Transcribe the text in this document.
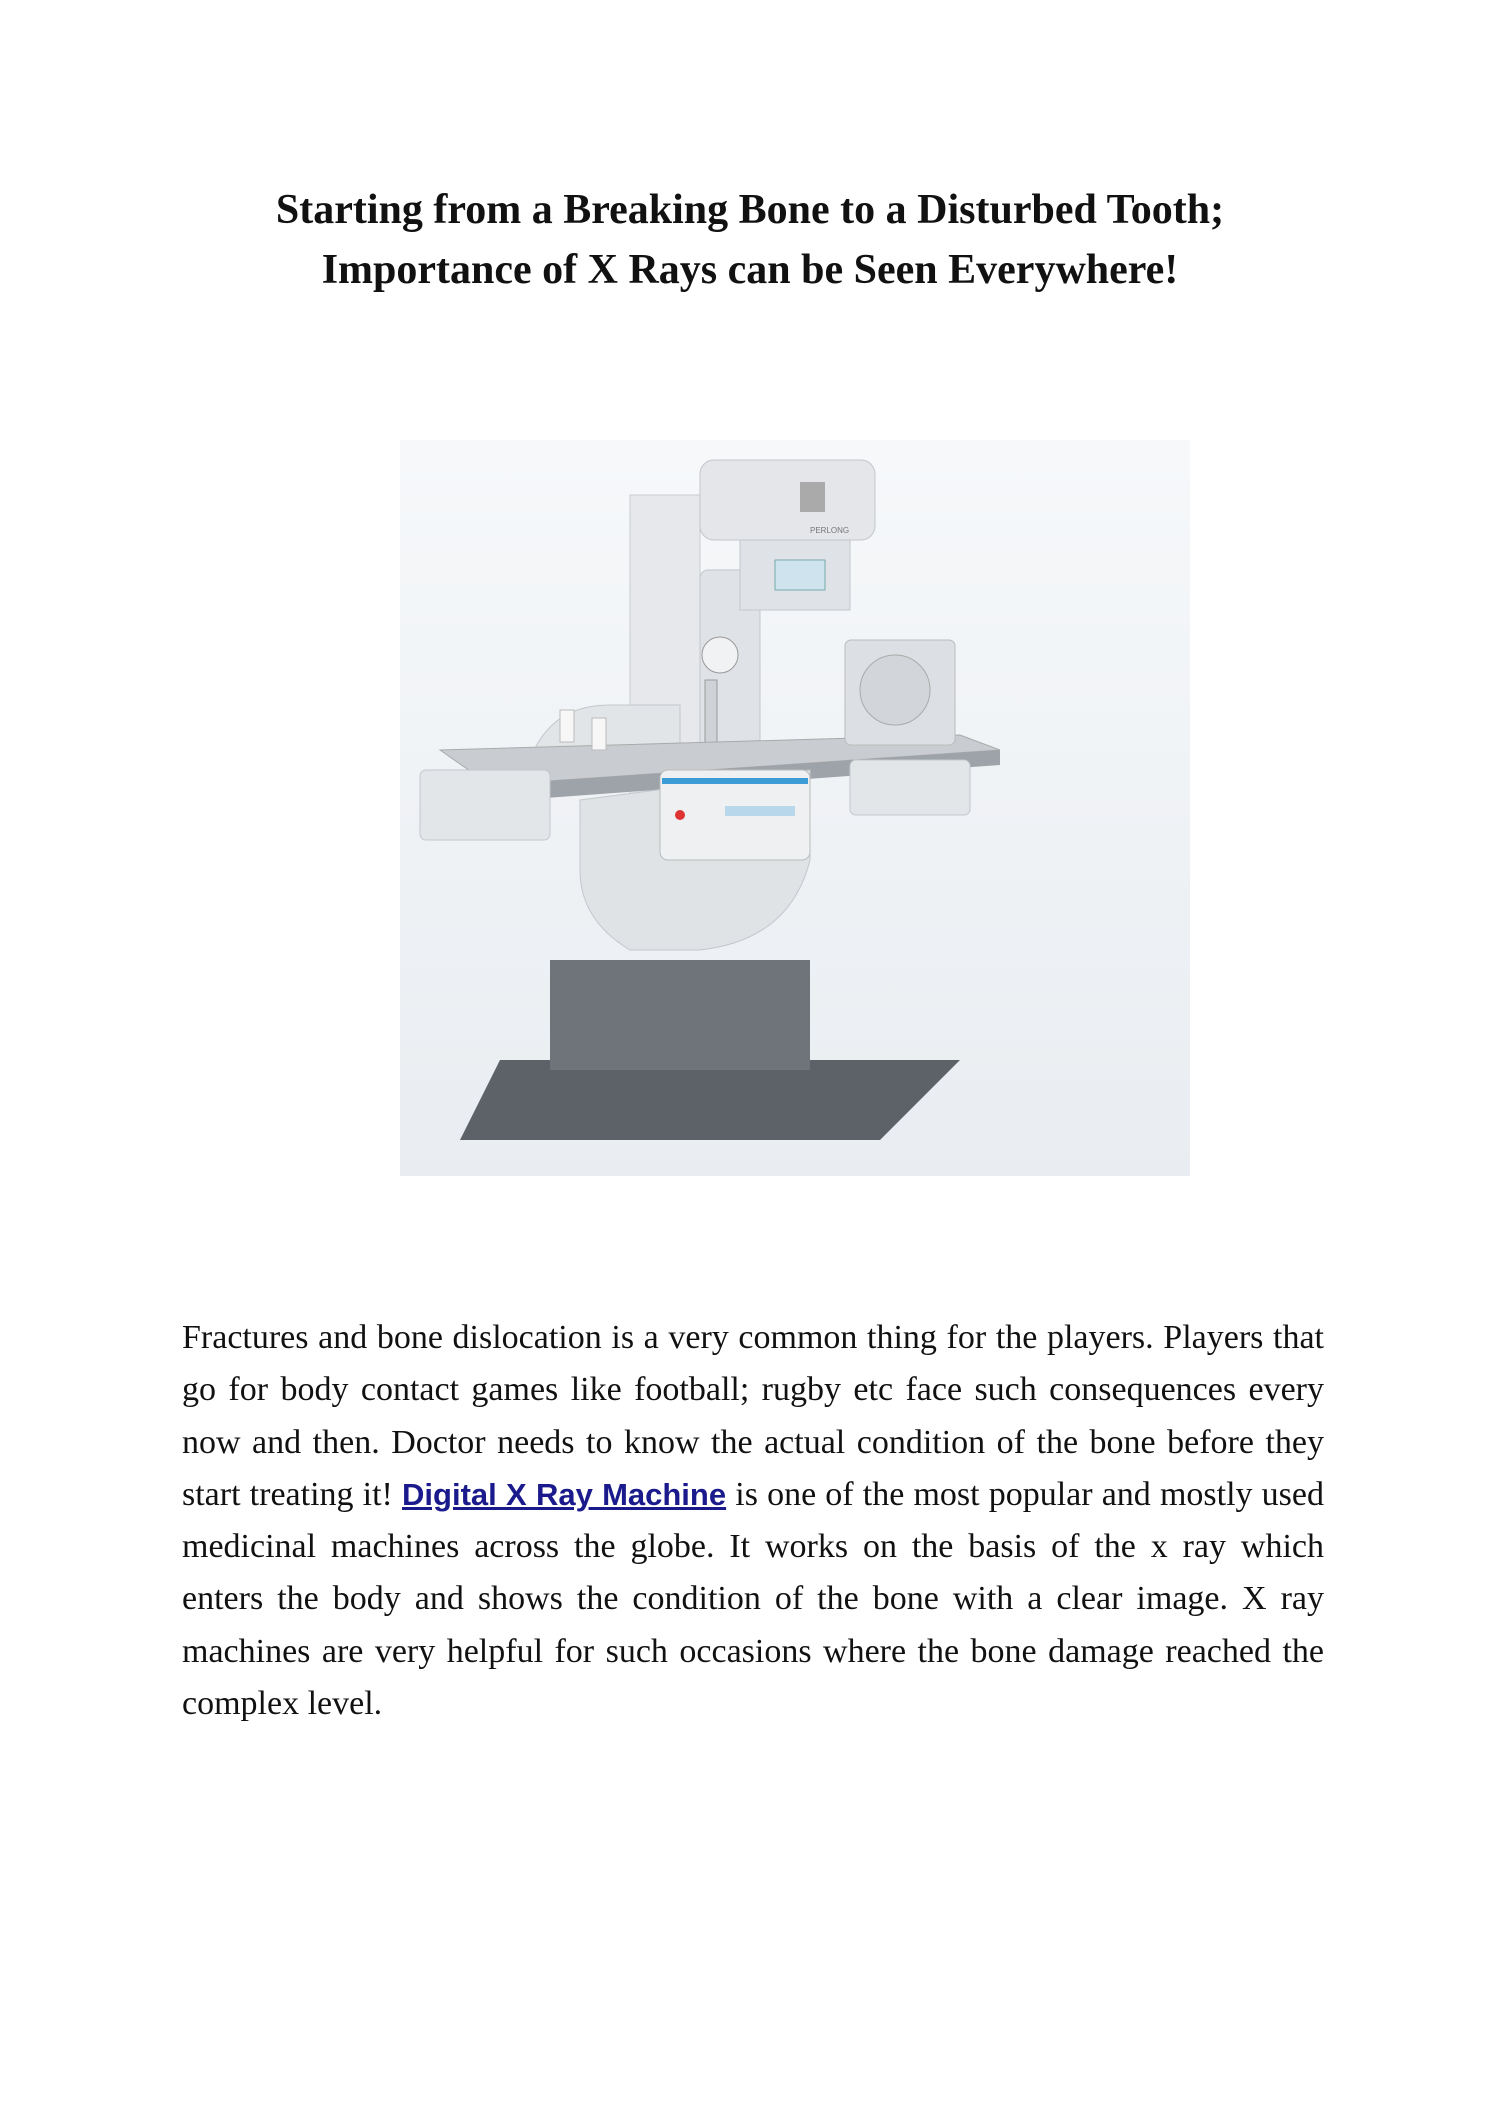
Starting from a Breaking Bone to a Disturbed Tooth;
Importance of X Rays can be Seen Everywhere!
PERLONG

Fractures and bone dislocation is a very common thing for the players. Players that go for body contact games like football; rugby etc face such consequences every now and then. Doctor needs to know the actual condition of the bone before they start treating it! Digital X Ray Machine is one of the most popular and mostly used medicinal machines across the globe. It works on the basis of the x ray which enters the body and shows the condition of the bone with a clear image. X ray machines are very helpful for such occasions where the bone damage reached the complex level.
